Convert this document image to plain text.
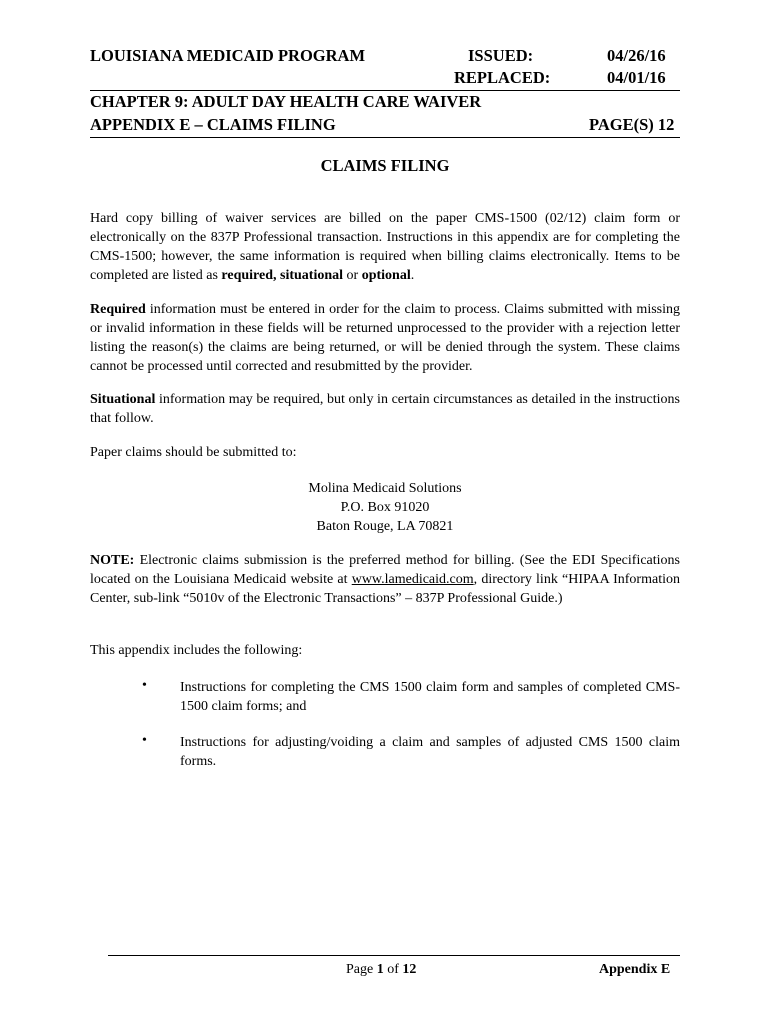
LOUISIANA MEDICAID PROGRAM	ISSUED:	04/26/16
REPLACED:	04/01/16
CHAPTER 9: ADULT DAY HEALTH CARE WAIVER
APPENDIX E – CLAIMS FILING	PAGE(S) 12
CLAIMS FILING
Hard copy billing of waiver services are billed on the paper CMS-1500 (02/12) claim form or electronically on the 837P Professional transaction. Instructions in this appendix are for completing the CMS-1500; however, the same information is required when billing claims electronically. Items to be completed are listed as required, situational or optional.
Required information must be entered in order for the claim to process. Claims submitted with missing or invalid information in these fields will be returned unprocessed to the provider with a rejection letter listing the reason(s) the claims are being returned, or will be denied through the system. These claims cannot be processed until corrected and resubmitted by the provider.
Situational information may be required, but only in certain circumstances as detailed in the instructions that follow.
Paper claims should be submitted to:
Molina Medicaid Solutions
P.O. Box 91020
Baton Rouge, LA 70821
NOTE: Electronic claims submission is the preferred method for billing. (See the EDI Specifications located on the Louisiana Medicaid website at www.lamedicaid.com, directory link “HIPAA Information Center, sub-link “5010v of the Electronic Transactions” – 837P Professional Guide.)
This appendix includes the following:
• Instructions for completing the CMS 1500 claim form and samples of completed CMS-1500 claim forms; and
• Instructions for adjusting/voiding a claim and samples of adjusted CMS 1500 claim forms.
Page 1 of 12	Appendix E
